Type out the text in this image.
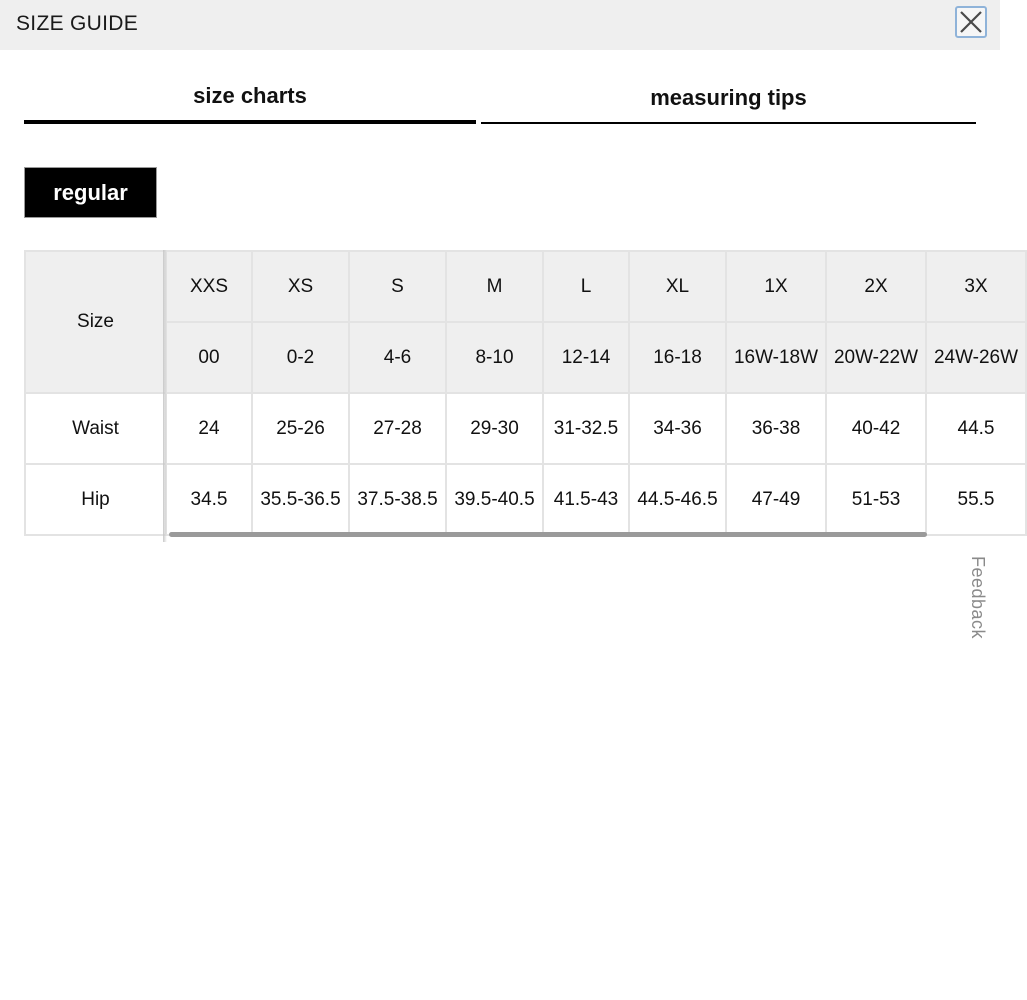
SIZE GUIDE
size charts	measuring tips
regular
Size	XXS	XS	S	M	L	XL	1X	2X	3X
	00	0-2	4-6	8-10	12-14	16-18	16W-18W	20W-22W	24W-26W
Waist	24	25-26	27-28	29-30	31-32.5	34-36	36-38	40-42	44.5
Hip	34.5	35.5-36.5	37.5-38.5	39.5-40.5	41.5-43	44.5-46.5	47-49	51-53	55.5
Feedback
